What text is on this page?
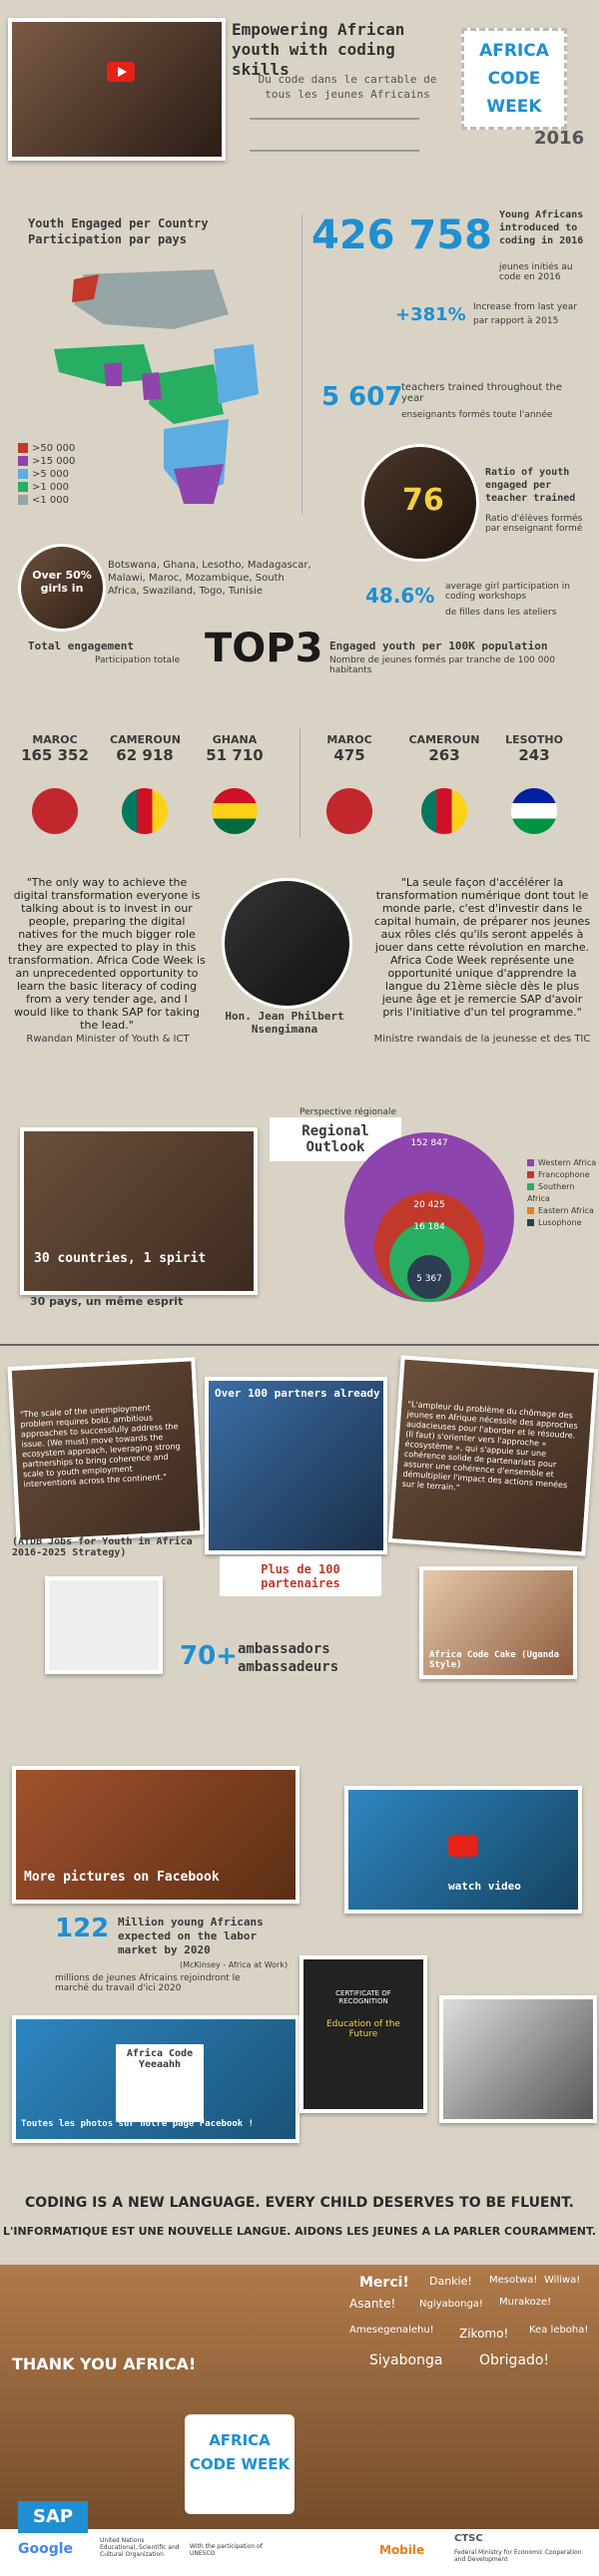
Empowering African youth with coding skills
Du code dans le cartable de tous les jeunes Africains
AFRICA CODE WEEK
2016
Youth Engaged per Country
Participation par pays
>50 000
>15 000
>5 000
>1 000
<1 000
Over 50% girls in
Botswana, Ghana, Lesotho, Madagascar, Malawi, Maroc, Mozambique, South Africa, Swaziland, Togo, Tunisie
426 758 Young Africans introduced to coding in 2016
jeunes initiés au code en 2016
+381% Increase from last year
par rapport à 2015
5 607
teachers trained throughout the year
enseignants formés toute l'année
76
Ratio of youth engaged per teacher trained
Ratio d'élèves formés par enseignant formé
48.6% average girl participation in coding workshops
de filles dans les ateliers
Total engagement
Participation totale TOP3 Engaged youth per 100K population
Nombre de jeunes formés par tranche de 100 000 habitants
MAROC
165 352
CAMEROUN
62 918
GHANA
51 710
MAROC
475
CAMEROUN
263
LESOTHO
243
"The only way to achieve the digital transformation everyone is talking about is to invest in our people, preparing the digital natives for the much bigger role they are expected to play in this transformation. Africa Code Week is an unprecedented opportunity to learn the basic literacy of coding from a very tender age, and I would like to thank SAP for taking the lead."
Rwandan Minister of Youth & ICT
Hon. Jean Philbert Nsengimana
"La seule façon d'accélérer la transformation numérique dont tout le monde parle, c'est d'investir dans le capital humain, de préparer nos jeunes aux rôles clés qu'ils seront appelés à jouer dans cette révolution en marche. Africa Code Week représente une opportunité unique d'apprendre la langue du 21ème siècle dès le plus jeune âge et je remercie SAP d'avoir pris l'initiative d'un tel programme."
Ministre rwandais de la jeunesse et des TIC
30 countries, 1 spirit
30 pays, un même esprit
Perspective régionale
Regional Outlook	152 847
20 425
16 184
5 367
Western Africa
Francophone
Southern Africa
Eastern Africa
Lusophone
"The scale of the unemployment problem requires bold, ambitious approaches to successfully address the issue. (We must) move towards the ecosystem approach, leveraging strong partnerships to bring coherence and scale to youth employment interventions across the continent."
(AfDB Jobs for Youth in Africa 2016-2025 Strategy)
Over 100 partners already
Plus de 100 partenaires
"L'ampleur du problème du chômage des jeunes en Afrique nécessite des approches audacieuses pour l'aborder et le résoudre. (Il faut) s'orienter vers l'approche « écosystème », qui s'appuie sur une cohérence solide de partenariats pour assurer une cohérence d'ensemble et démultiplier l'impact des actions menées sur le terrain."
70+ ambassadors
ambassadeurs
Africa Code Cake (Uganda Style)
More pictures on Facebook
watch video
122 Million young Africans expected on the labor market by 2020
(McKinsey - Africa at Work)
millions de jeunes Africains rejoindront le marché du travail d'ici 2020
Africa Code Yeeaahh
Toutes les photos sur notre page Facebook !
CERTIFICATE OF RECOGNITION
Education of the Future
CODING IS A NEW LANGUAGE. EVERY CHILD DESERVES TO BE FLUENT.
L'INFORMATIQUE EST UNE NOUVELLE LANGUE. AIDONS LES JEUNES A LA PARLER COURAMMENT.
THANK YOU AFRICA!
Merci! Dankie! Mesotwa! Wiliwa!
Asante! Ngiyabonga! Murakoze!
Amesegenalehu! Zikomo! Kea leboha!
Siyabonga	Obrigado!
AFRICA CODE WEEK
SAP
Google
United Nations Educational, Scientific and Cultural Organization
With the participation of UNESCO	Mobile
CTSC
Federal Ministry for Economic Cooperation and Development
